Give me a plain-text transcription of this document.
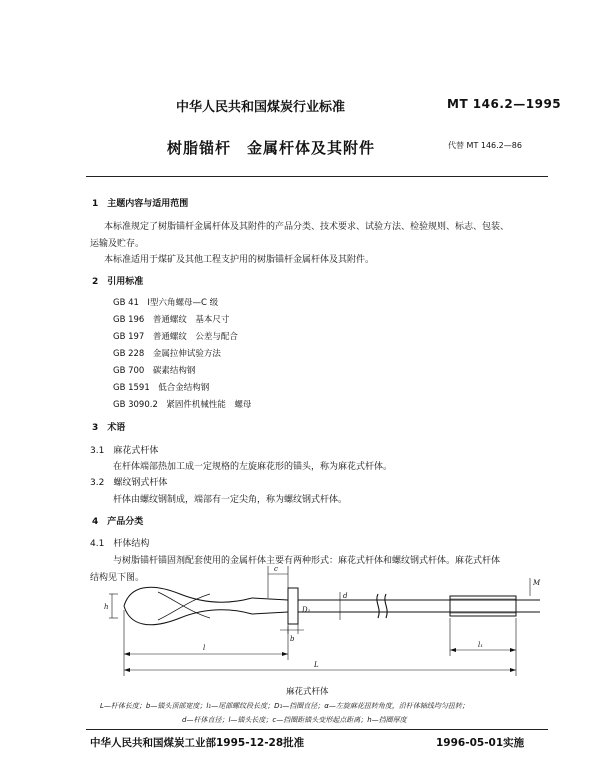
中华人民共和国煤炭行业标准	MT 146.2—1995
树脂锚杆　金属杆体及其附件	代替 MT 146.2—86
1　主题内容与适用范围
本标准规定了树脂锚杆金属杆体及其附件的产品分类、技术要求、试验方法、检验规则、标志、包装、
运输及贮存。
本标准适用于煤矿及其他工程支护用的树脂锚杆金属杆体及其附件。
2　引用标准
GB 41　Ⅰ型六角螺母—C 级
GB 196　普通螺纹　基本尺寸
GB 197　普通螺纹　公差与配合
GB 228　金属拉伸试验方法
GB 700　碳素结构钢
GB 1591　低合金结构钢
GB 3090.2　紧固件机械性能　螺母
3　术语
3.1　麻花式杆体
在杆体端部热加工成一定规格的左旋麻花形的锚头，称为麻花式杆体。
3.2　螺纹钢式杆体
杆体由螺纹钢制成，端部有一定尖角，称为螺纹钢式杆体。
4　产品分类
4.1　杆体结构
与树脂锚杆锚固剂配套使用的金属杆体主要有两种形式：麻花式杆体和螺纹钢式杆体。麻花式杆体
结构见下图。
h
l
L
c
D₁
d
b
M
l₁
麻花式杆体
L—杆体长度；b—锚头顶部宽度；l₁—尾部螺纹段长度；D₁—挡圈直径；α—左旋麻花扭转角度，沿杆体轴线均匀扭转；
d—杆体直径；l—锚头长度；c—挡圈距锚头变形起点距离；h—挡圈厚度
中华人民共和国煤炭工业部1995-12-28批准	1996-05-01实施
